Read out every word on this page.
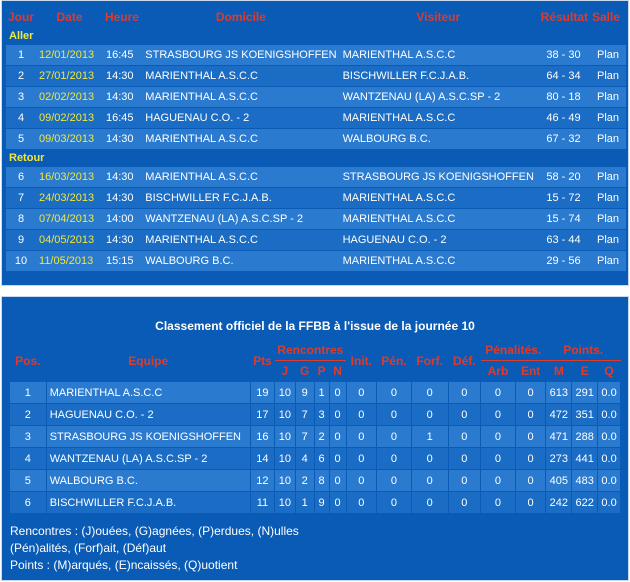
Jour	Date	Heure	Domicile	Visiteur	Résultat	Salle
Aller						
1	12/01/2013	16:45	STRASBOURG JS KOENIGSHOFFEN	MARIENTHAL A.S.C.C	38 - 30	Plan
2	27/01/2013	14:30	MARIENTHAL A.S.C.C	BISCHWILLER F.C.J.A.B.	64 - 34	Plan
3	02/02/2013	14:30	MARIENTHAL A.S.C.C	WANTZENAU (LA) A.S.C.SP - 2	80 - 18	Plan
4	09/02/2013	16:45	HAGUENAU C.O. - 2	MARIENTHAL A.S.C.C	46 - 49	Plan
5	09/03/2013	14:30	MARIENTHAL A.S.C.C	WALBOURG B.C.	67 - 32	Plan
Retour						
6	16/03/2013	14:30	MARIENTHAL A.S.C.C	STRASBOURG JS KOENIGSHOFFEN	58 - 20	Plan
7	24/03/2013	14:30	BISCHWILLER F.C.J.A.B.	MARIENTHAL A.S.C.C	15 - 72	Plan
8	07/04/2013	14:00	WANTZENAU (LA) A.S.C.SP - 2	MARIENTHAL A.S.C.C	15 - 74	Plan
9	04/05/2013	14:30	MARIENTHAL A.S.C.C	HAGUENAU C.O. - 2	63 - 44	Plan
10	11/05/2013	15:15	WALBOURG B.C.	MARIENTHAL A.S.C.C	29 - 56	Plan
Classement officiel de la FFBB à l'issue de la journée 10
Pos.	Equipe	Pts	Rencontres				Init.	Pén.	Forf.	Déf.	Pénalités.		Points.		
			J	G	P	N					Arb	Ent	M	E	Q
1	MARIENTHAL A.S.C.C	19	10	9	1	0	0	0	0	0	0	0	613	291	0.0
2	HAGUENAU C.O. - 2	17	10	7	3	0	0	0	0	0	0	0	472	351	0.0
3	STRASBOURG JS KOENIGSHOFFEN	16	10	7	2	0	0	0	1	0	0	0	471	288	0.0
4	WANTZENAU (LA) A.S.C.SP - 2	14	10	4	6	0	0	0	0	0	0	0	273	441	0.0
5	WALBOURG B.C.	12	10	2	8	0	0	0	0	0	0	0	405	483	0.0
6	BISCHWILLER F.C.J.A.B.	11	10	1	9	0	0	0	0	0	0	0	242	622	0.0
Rencontres : (J)ouées, (G)agnées, (P)erdues, (N)ulles
(Pén)alités, (Forf)ait, (Déf)aut
Points : (M)arqués, (E)ncaissés, (Q)uotient
